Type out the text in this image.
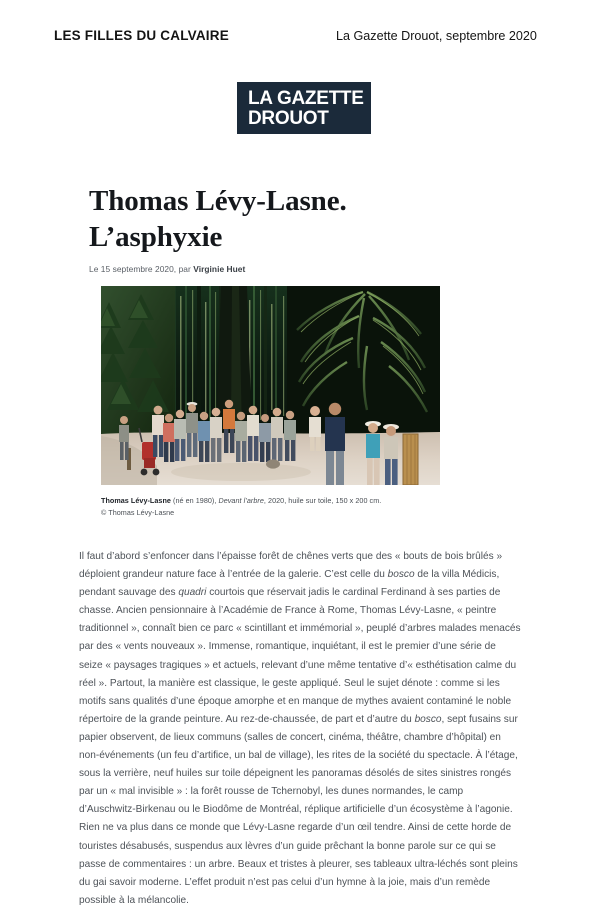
LES FILLES DU CALVAIRE	La Gazette Drouot, septembre 2020
LA GAZETTE
DROUOT
Thomas Lévy-Lasne.
L’asphyxie
Le 15 septembre 2020, par Virginie Huet
Thomas Lévy-Lasne (né en 1980), Devant l’arbre, 2020, huile sur toile, 150 x 200 cm.
© Thomas Lévy-Lasne

Il faut d’abord s’enfoncer dans l’épaisse forêt de chênes verts que des « bouts de bois brûlés » déploient grandeur nature face à l’entrée de la galerie. C’est celle du bosco de la villa Médicis, pendant sauvage des quadri courtois que réservait jadis le cardinal Ferdinand à ses parties de chasse. Ancien pensionnaire à l’Académie de France à Rome, Thomas Lévy-Lasne, « peintre traditionnel », connaît bien ce parc « scintillant et immémorial », peuplé d’arbres malades menacés par des « vents nouveaux ». Immense, romantique, inquiétant, il est le premier d’une série de seize « paysages tragiques » et actuels, relevant d’une même tentative d’« esthétisation calme du réel ». Partout, la manière est classique, le geste appliqué. Seul le sujet dénote : comme si les motifs sans qualités d’une époque amorphe et en manque de mythes avaient contaminé le noble répertoire de la grande peinture. Au rez-de-chaussée, de part et d’autre du bosco, sept fusains sur papier observent, de lieux communs (salles de concert, cinéma, théâtre, chambre d’hôpital) en non-événements (un feu d’artifice, un bal de village), les rites de la société du spectacle. À l’étage, sous la verrière, neuf huiles sur toile dépeignent les panoramas désolés de sites sinistres rongés par un « mal invisible » : la forêt rousse de Tchernobyl, les dunes normandes, le camp d’Auschwitz-Birkenau ou le Biodôme de Montréal, réplique artificielle d’un écosystème à l’agonie. Rien ne va plus dans ce monde que Lévy-Lasne regarde d’un œil tendre. Ainsi de cette horde de touristes désabusés, suspendus aux lèvres d’un guide prêchant la bonne parole sur ce qui se passe de commentaires : un arbre. Beaux et tristes à pleurer, ses tableaux ultra-léchés sont pleins du gai savoir moderne. L’effet produit n’est pas celui d’un hymne à la joie, mais d’un remède possible à la mélancolie.
